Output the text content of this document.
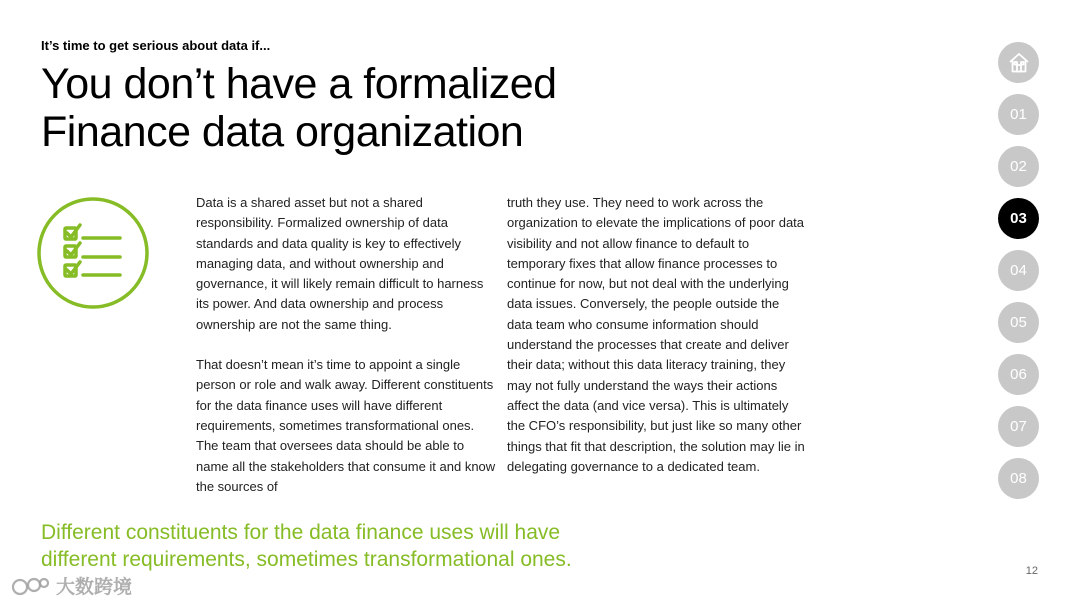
It’s time to get serious about data if...
You don’t have a formalized
Finance data organization

Data is a shared asset but not a shared responsibility. Formalized ownership of data standards and data quality is key to effectively managing data, and without ownership and governance, it will likely remain difficult to harness its power. And data ownership and process ownership are not the same thing.

That doesn’t mean it’s time to appoint a single person or role and walk away. Different constituents for the data finance uses will have different requirements, sometimes transformational ones. The team that oversees data should be able to name all the stakeholders that consume it and know the sources of

truth they use. They need to work across the organization to elevate the implications of poor data visibility and not allow finance to default to temporary fixes that allow finance processes to continue for now, but not deal with the underlying data issues. Conversely, the people outside the data team who consume information should understand the processes that create and deliver their data; without this data literacy training, they may not fully understand the ways their actions affect the data (and vice versa). This is ultimately the CFO’s responsibility, but just like so many other things that fit that description, the solution may lie in delegating governance to a dedicated team.

Different constituents for the data finance uses will have
different requirements, sometimes transformational ones.

01
02
03
04
05
06
07
08
12
大数跨境
